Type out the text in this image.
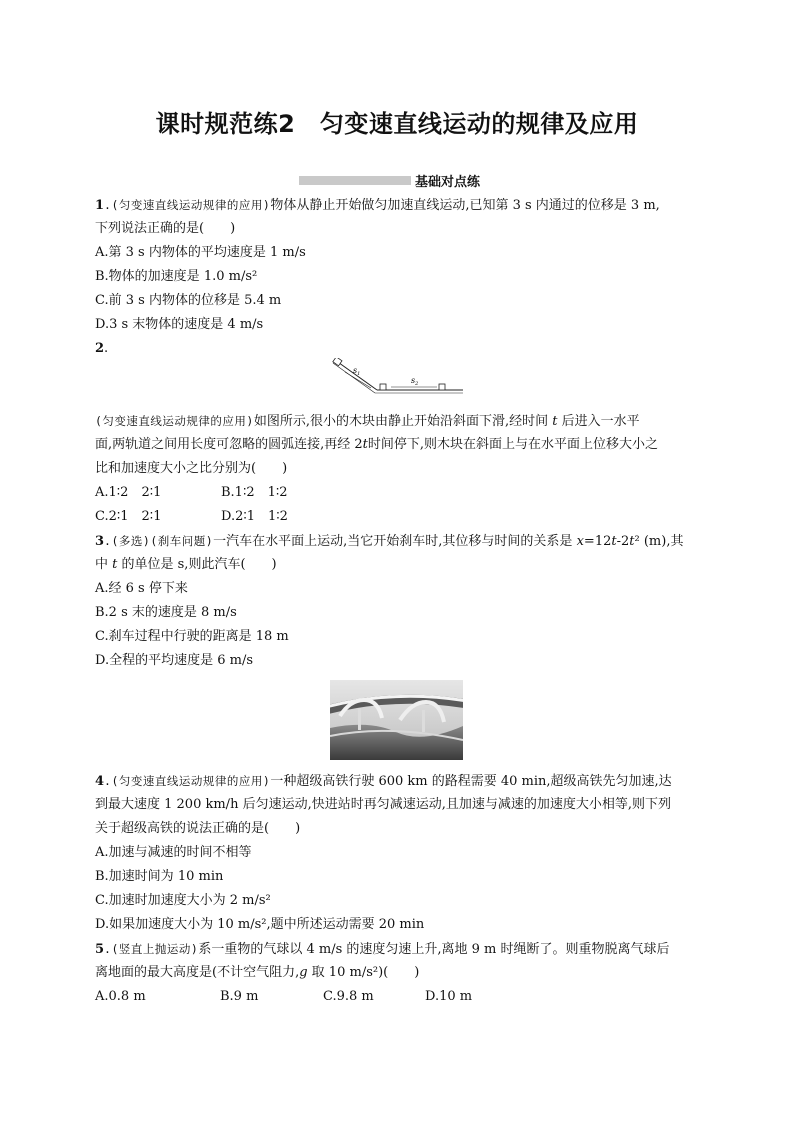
课时规范练2　匀变速直线运动的规律及应用
基础对点练
1.(匀变速直线运动规律的应用)物体从静止开始做匀加速直线运动,已知第 3 s 内通过的位移是 3 m,
下列说法正确的是(　　)
A.第 3 s 内物体的平均速度是 1 m/s
B.物体的加速度是 1.0 m/s²
C.前 3 s 内物体的位移是 5.4 m
D.3 s 末物体的速度是 4 m/s
2.
$s_1$
$s_2$
(匀变速直线运动规律的应用)如图所示,很小的木块由静止开始沿斜面下滑,经时间 t 后进入一水平
面,两轨道之间用长度可忽略的圆弧连接,再经 2t时间停下,则木块在斜面上与在水平面上位移大小之
比和加速度大小之比分别为(　　)
A.1∶2　2∶1	B.1∶2　1∶2
C.2∶1　2∶1	D.2∶1　1∶2
3.(多选)(刹车问题)一汽车在水平面上运动,当它开始刹车时,其位移与时间的关系是 x=12t-2t² (m),其
中 t 的单位是 s,则此汽车(　　)
A.经 6 s 停下来
B.2 s 末的速度是 8 m/s
C.刹车过程中行驶的距离是 18 m
D.全程的平均速度是 6 m/s
4.(匀变速直线运动规律的应用)一种超级高铁行驶 600 km 的路程需要 40 min,超级高铁先匀加速,达
到最大速度 1 200 km/h 后匀速运动,快进站时再匀减速运动,且加速与减速的加速度大小相等,则下列
关于超级高铁的说法正确的是(　　)
A.加速与减速的时间不相等
B.加速时间为 10 min
C.加速时加速度大小为 2 m/s²
D.如果加速度大小为 10 m/s²,题中所述运动需要 20 min
5.(竖直上抛运动)系一重物的气球以 4 m/s 的速度匀速上升,离地 9 m 时绳断了。则重物脱离气球后
离地面的最大高度是(不计空气阻力,g 取 10 m/s²)(　　)
A.0.8 m	B.9 m	C.9.8 m	D.10 m
